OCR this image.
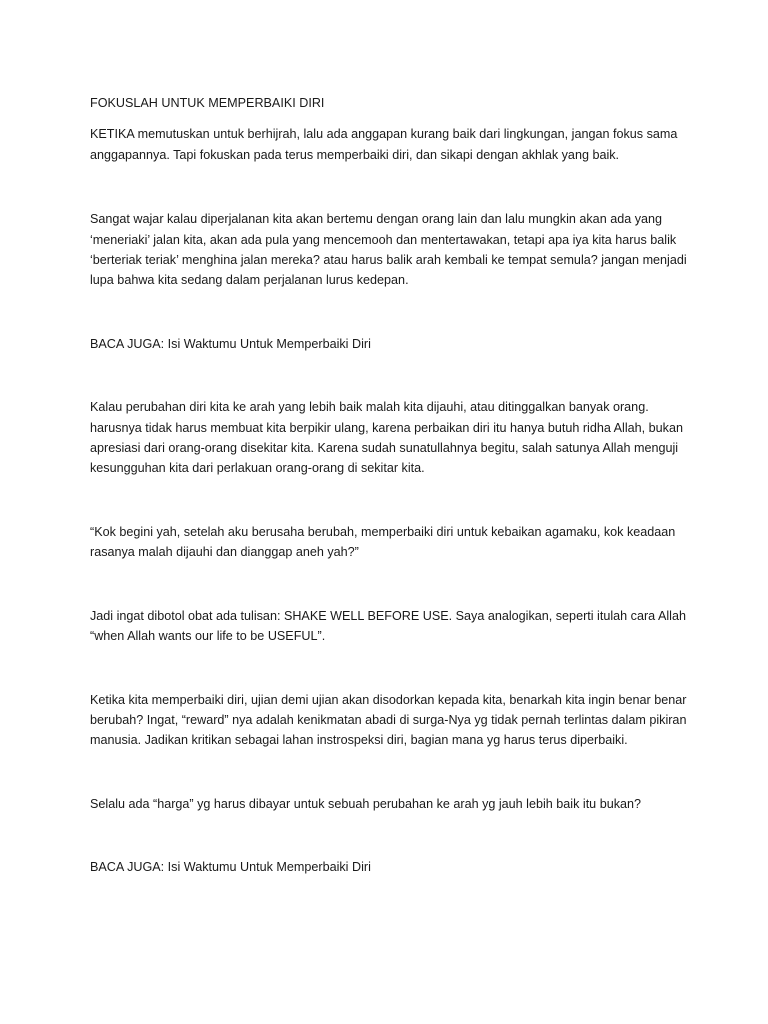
FOKUSLAH UNTUK MEMPERBAIKI DIRI

KETIKA memutuskan untuk berhijrah, lalu ada anggapan kurang baik dari lingkungan, jangan fokus sama anggapannya. Tapi fokuskan pada terus memperbaiki diri, dan sikapi dengan akhlak yang baik.

Sangat wajar kalau diperjalanan kita akan bertemu dengan orang lain dan lalu mungkin akan ada yang ‘meneriaki’ jalan kita, akan ada pula yang mencemooh dan mentertawakan, tetapi apa iya kita harus balik ‘berteriak teriak’ menghina jalan mereka? atau harus balik arah kembali ke tempat semula? jangan menjadi lupa bahwa kita sedang dalam perjalanan lurus kedepan.

BACA JUGA: Isi Waktumu Untuk Memperbaiki Diri

Kalau perubahan diri kita ke arah yang lebih baik malah kita dijauhi, atau ditinggalkan banyak orang. harusnya tidak harus membuat kita berpikir ulang, karena perbaikan diri itu hanya butuh ridha Allah, bukan apresiasi dari orang-orang disekitar kita. Karena sudah sunatullahnya begitu, salah satunya Allah menguji kesungguhan kita dari perlakuan orang-orang di sekitar kita.

“Kok begini yah, setelah aku berusaha berubah, memperbaiki diri untuk kebaikan agamaku, kok keadaan rasanya malah dijauhi dan dianggap aneh yah?”

Jadi ingat dibotol obat ada tulisan: SHAKE WELL BEFORE USE. Saya analogikan, seperti itulah cara Allah “when Allah wants our life to be USEFUL”.

Ketika kita memperbaiki diri, ujian demi ujian akan disodorkan kepada kita, benarkah kita ingin benar benar berubah? Ingat, “reward” nya adalah kenikmatan abadi di surga-Nya yg tidak pernah terlintas dalam pikiran manusia. Jadikan kritikan sebagai lahan instrospeksi diri, bagian mana yg harus terus diperbaiki.

Selalu ada “harga” yg harus dibayar untuk sebuah perubahan ke arah yg jauh lebih baik itu bukan?

BACA JUGA: Isi Waktumu Untuk Memperbaiki Diri
